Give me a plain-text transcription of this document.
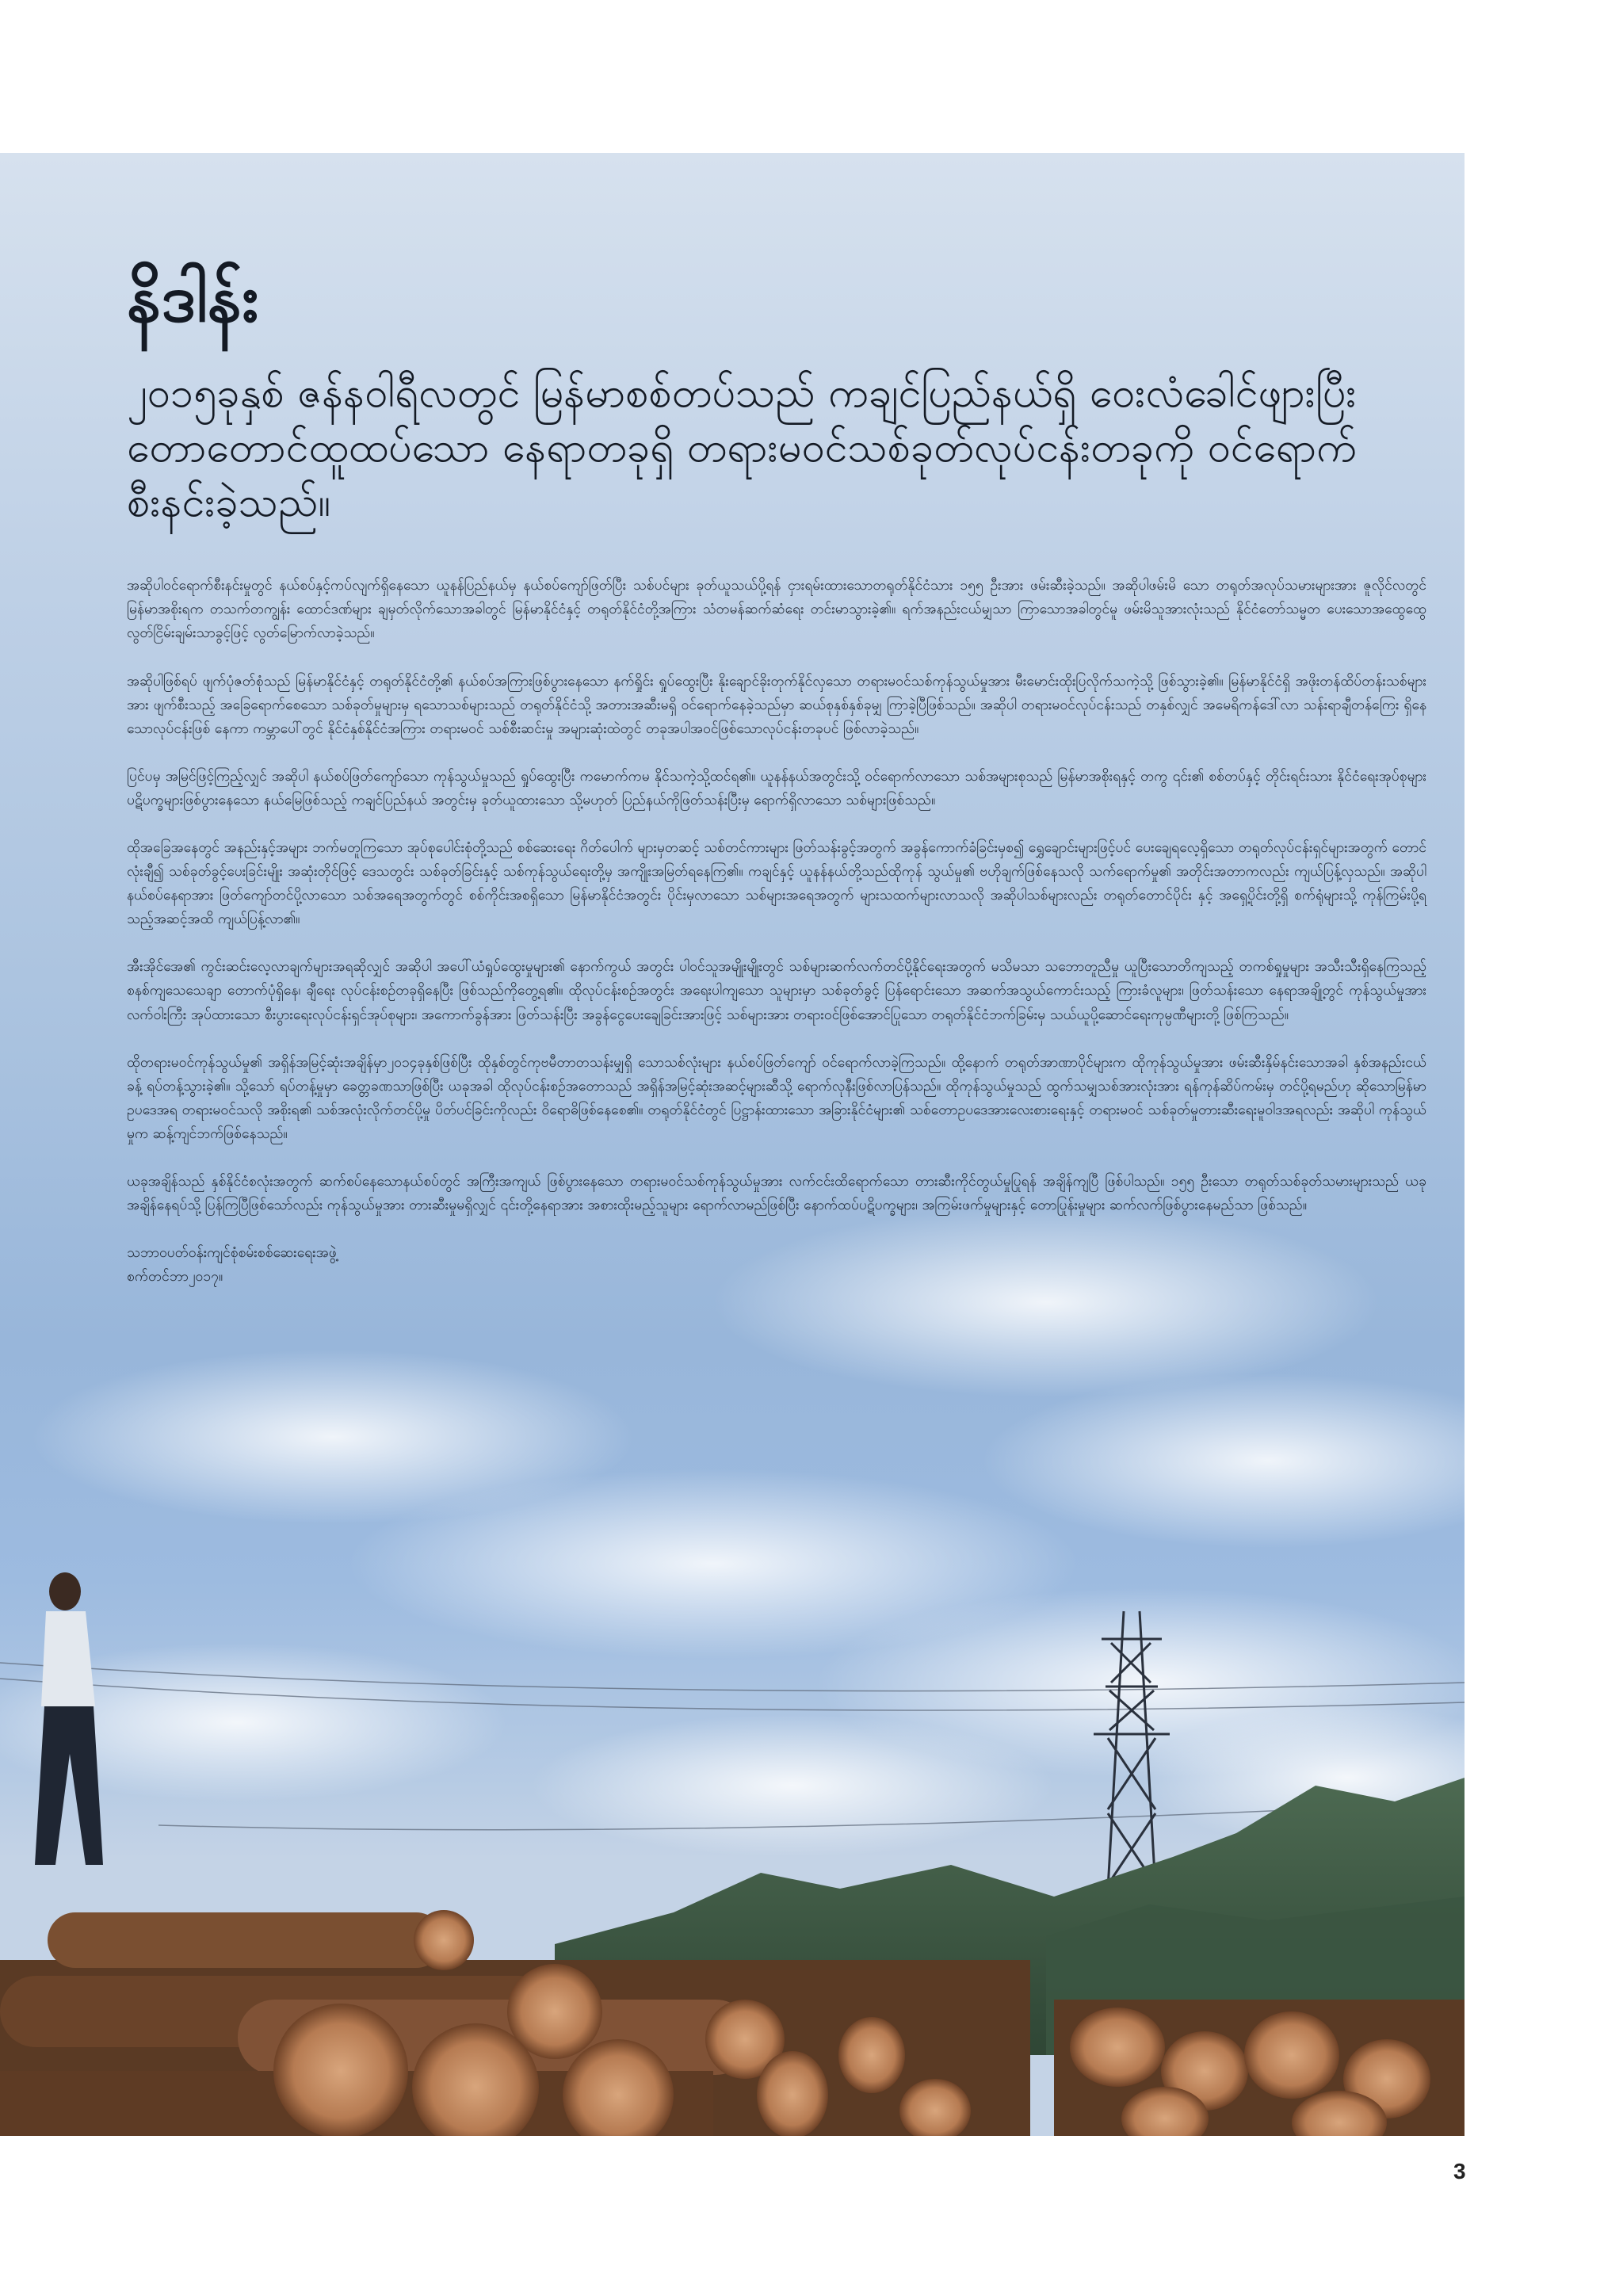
နိဒါန်း
၂၀၁၅ခုနှစ် ဇန်နဝါရီလတွင် မြန်မာစစ်တပ်သည် ကချင်ပြည်နယ်ရှိ ဝေးလံခေါင်ဖျားပြီး တောတောင်ထူထပ်သော နေရာတခုရှိ တရားမဝင်သစ်ခုတ်လုပ်ငန်းတခုကို ဝင်ရောက်စီးနင်းခဲ့သည်။

အဆိုပါဝင်ရောက်စီးနင်းမှုတွင် နယ်စပ်နှင့်ကပ်လျက်ရှိနေသော ယူနန်ပြည်နယ်မှ နယ်စပ်ကျော်ဖြတ်ပြီး သစ်ပင်များ ခုတ်ယူသယ်ပို့ရန် ငှားရမ်းထားသောတရုတ်နိုင်ငံသား ၁၅၅ ဦးအား ဖမ်းဆီးခဲ့သည်။ အဆိုပါဖမ်းမိ သော တရုတ်အလုပ်သမားများအား ဇူလိုင်လတွင် မြန်မာအစိုးရက တသက်တကျွန်း ထောင်ဒဏ်များ ချမှတ်လိုက်သောအခါတွင် မြန်မာနိုင်ငံနှင့် တရုတ်နိုင်ငံတို့အကြား သံတမန်ဆက်ဆံရေး တင်းမာသွားခဲ့၏။ ရက်အနည်းငယ်မျှသာ ကြာသောအခါတွင်မူ ဖမ်းမိသူအားလုံးသည် နိုင်ငံတော်သမ္မတ ပေးသောအထွေထွေ လွတ်ငြိမ်းချမ်းသာခွင့်ဖြင့် လွတ်မြောက်လာခဲ့သည်။

အဆိုပါဖြစ်ရပ် ဖျက်ပုံဇတ်စုံသည် မြန်မာနိုင်ငံနှင့် တရုတ်နိုင်ငံတို့၏ နယ်စပ်အကြားဖြစ်ပွားနေသော နက်ရှိုင်း ရှုပ်ထွေးပြီး နိုးချောင်ခိုးတုက်နိုင်လှသော တရားမဝင်သစ်ကုန်သွယ်မှုအား မီးမောင်းထိုးပြလိုက်သကဲ့သို့ ဖြစ်သွားခဲ့၏။ မြန်မာနိုင်ငံရှိ အဖိုးတန်ထိပ်တန်းသစ်များအား ဖျက်စီးသည့် အခြေရောက်စေသော သစ်ခုတ်မှုများမှ ရသောသစ်များသည် တရုတ်နိုင်ငံသို့ အတားအဆီးမရှိ ဝင်ရောက်နေခဲ့သည်မှာ ဆယ်စုနှစ်နှစ်ခုမျှ ကြာခဲ့ပြီဖြစ်သည်။ အဆိုပါ တရားမဝင်လုပ်ငန်းသည် တနှစ်လျှင် အမေရိကန်ဒေါ်လာ သန်းရာချီတန်ကြေး ရှိနေသောလုပ်ငန်းဖြစ် နေကာ ကမ္ဘာပေါ်တွင် နိုင်ငံနှစ်နိုင်ငံအကြား တရားမဝင် သစ်စီးဆင်းမှု အများဆုံးထဲတွင် တခုအပါအဝင်ဖြစ်သောလုပ်ငန်းတခုပင် ဖြစ်လာခဲ့သည်။

ပြင်ပမှ အမြင်ဖြင့်ကြည့်လျှင် အဆိုပါ နယ်စပ်ဖြတ်ကျော်သော ကုန်သွယ်မှုသည် ရှုပ်ထွေးပြီး ကမောက်ကမ နိုင်သကဲ့သို့ထင်ရ၏။ ယူနန်နယ်အတွင်းသို့ ဝင်ရောက်လာသော သစ်အများစုသည် မြန်မာအစိုးရနှင့် တကွ ၎င်း၏ စစ်တပ်နှင့် တိုင်းရင်းသား နိုင်ငံရေးအုပ်စုများ ပဋိပက္ခများဖြစ်ပွားနေသော နယ်မြေဖြစ်သည့် ကချင်ပြည်နယ် အတွင်းမှ ခုတ်ယူထားသော သို့မဟုတ် ပြည်နယ်ကိုဖြတ်သန်းပြီးမှ ရောက်ရှိလာသော သစ်များဖြစ်သည်။

ထိုအခြေအနေတွင် အနည်းနှင့်အများ ဘက်မတူကြသော အုပ်စုပေါင်းစုံတို့သည် စစ်ဆေးရေး ဂိတ်ပေါက် များမှတဆင့် သစ်တင်ကားများ ဖြတ်သန်းခွင့်အတွက် အခွန်ကောက်ခံခြင်းမှစ၍ ရွှေချောင်းများဖြင့်ပင် ပေးချေရလေ့ရှိသော တရုတ်လုပ်ငန်းရှင်များအတွက် တောင်လုံးချီ၍ သစ်ခုတ်ခွင့်ပေးခြင်းမျိုး အဆုံးတိုင်ဖြင့် ဒေသတွင်း သစ်ခုတ်ခြင်းနှင့် သစ်ကုန်သွယ်ရေးတို့မှ အကျိုးအမြတ်ရနေကြ၏။ ကချင်နှင့် ယူနန်နယ်တို့သည်ထိုကုန် သွယ်မှု၏ ဗဟိုချက်ဖြစ်နေသလို သက်ရောက်မှု၏ အတိုင်းအတာကလည်း ကျယ်ပြန့်လှသည်။ အဆိုပါ နယ်စပ်နေရာအား ဖြတ်ကျော်တင်ပို့လာသော သစ်အရေအတွက်တွင် စစ်ကိုင်းအစရှိသော မြန်မာနိုင်ငံအတွင်း ပိုင်းမှလာသော သစ်များအရေအတွက် များသထက်များလာသလို အဆိုပါသစ်များလည်း တရုတ်တောင်ပိုင်း နှင့် အရှေ့ပိုင်းတို့ရှိ စက်ရုံများသို့ ကုန်ကြမ်းပို့ရသည့်အဆင့်အထိ ကျယ်ပြန့်လာ၏။

အီးအိုင်အေ၏ ကွင်းဆင်းလေ့လာချက်များအရဆိုလျှင် အဆိုပါ အပေါ်ယံရှုပ်ထွေးမှုများ၏ နောက်ကွယ် အတွင်း ပါဝင်သူအမျိုးမျိုးတွင် သစ်များဆက်လက်တင်ပို့နိုင်ရေးအတွက် မသိမသာ သဘောတူညီမှု ယူပြီးသောတိကျသည့် တကစ်ရှုမှုများ အသီးသီးရှိနေကြသည့် စနစ်ကျသေသေချာ တောက်ပုံရှိနေ၊ ချီရေး လုပ်ငန်းစဉ်တခုရှိနေပြီး ဖြစ်သည်ကိုတွေ့ရ၏။ ထိုလုပ်ငန်းစဉ်အတွင်း အရေးပါကျသော သူများမှာ သစ်ခုတ်ခွင့် ပြန်ရောင်းသော အဆက်အသွယ်ကောင်းသည့် ကြားခံလူများ၊ ဖြတ်သန်းသော နေရာအချို့တွင် ကုန်သွယ်မှုအားလက်ဝါးကြီး အုပ်ထားသော စီးပွားရေးလုပ်ငန်းရှင်အုပ်စုများ၊ အကောက်ခွန်အား ဖြတ်သန်းပြီး အခွန်ငွေပေးချေခြင်းအားဖြင့် သစ်များအား တရားဝင်ဖြစ်အောင်ပြုသော တရုတ်နိုင်ငံဘက်ခြမ်းမှ သယ်ယူပို့ဆောင်ရေးကုမ္ပဏီများတို့ ဖြစ်ကြသည်။

ထိုတရားမဝင်ကုန်သွယ်မှု၏ အရှိန်အမြင့်ဆုံးအချိန်မှာ၂၀၁၄ခုနှစ်ဖြစ်ပြီး ထိုနှစ်တွင်ကုဗမီတာတသန်းမျှရှိ သောသစ်လုံးများ နယ်စပ်ဖြတ်ကျော် ဝင်ရောက်လာခဲ့ကြသည်။ ထို့နောက် တရုတ်အာဏာပိုင်များက ထိုကုန်သွယ်မှုအား ဖမ်းဆီးနှိမ်နင်းသောအခါ နှစ်အနည်းငယ်ခန့် ရပ်တန့်သွားခဲ့၏။ သို့သော် ရပ်တန့်မှုမှာ ခေတ္တခဏသာဖြစ်ပြီး ယခုအခါ ထိုလုပ်ငန်းစဉ်အတောသည် အရှိန်အမြင့်ဆုံးအဆင့်များဆီသို့ ရောက်လုနီးဖြစ်လာပြန်သည်။ ထိုကုန်သွယ်မှုသည် ထွက်သမျှသစ်အားလုံးအား ရန်ကုန်ဆိပ်ကမ်းမှ တင်ပို့ရမည်ဟု ဆိုသောမြန်မာ ဥပဒေအရ တရားမဝင်သလို အစိုးရ၏ သစ်အလုံးလိုက်တင်ပို့မှု ပိတ်ပင်ခြင်းကိုလည်း ဝိရောဓိဖြစ်နေစေ၏။ တရုတ်နိုင်ငံတွင် ပြဋ္ဌာန်းထားသော အခြားနိုင်ငံများ၏ သစ်တောဥပဒေအားလေးစားရေးနှင့် တရားမဝင် သစ်ခုတ်မှုတားဆီးရေးမူဝါဒအရလည်း အဆိုပါ ကုန်သွယ်မှုက ဆန့်ကျင်ဘက်ဖြစ်နေသည်။

ယခုအချိန်သည် နှစ်နိုင်ငံစလုံးအတွက် ဆက်စပ်နေသောနယ်စပ်တွင် အကြီးအကျယ် ဖြစ်ပွားနေသော တရားမဝင်သစ်ကုန်သွယ်မှုအား လက်ငင်းထိရောက်သော တားဆီးကိုင်တွယ်မှုပြုရန် အချိန်ကျပြီ ဖြစ်ပါသည်။ ၁၅၅ ဦးသော တရုတ်သစ်ခုတ်သမားများသည် ယခုအချိန်နေရပ်သို့ ပြန်ကြပြီဖြစ်သော်လည်း ကုန်သွယ်မှုအား တားဆီးမှုမရှိလျှင် ၎င်းတို့နေရာအား အစားထိုးမည့်သူများ ရောက်လာမည်ဖြစ်ပြီး နောက်ထပ်ပဋိပက္ခများ၊ အကြမ်းဖက်မှုများနှင့် တောပြုန်းမှုများ ဆက်လက်ဖြစ်ပွားနေမည်သာ ဖြစ်သည်။

သဘာဝပတ်ဝန်းကျင်စုံစမ်းစစ်ဆေးရေးအဖွဲ့

စက်တင်ဘာ၂၀၁၇။

3
